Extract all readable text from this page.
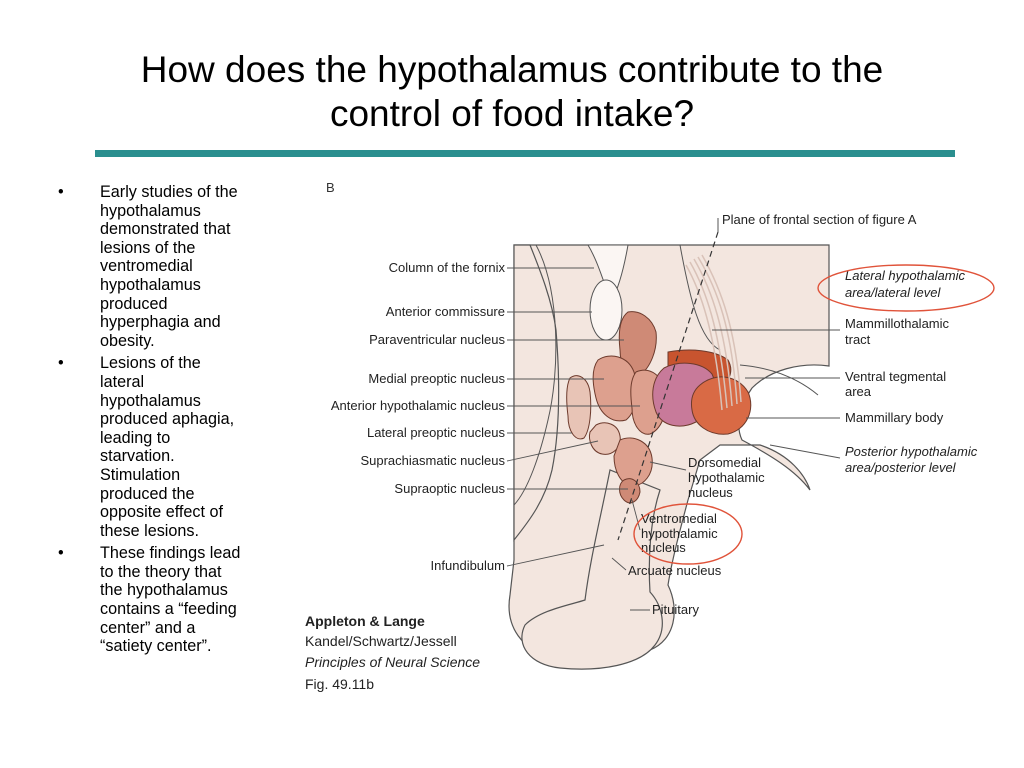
How does the hypothalamus contribute to the
control of food intake?
• Early studies of the
hypothalamus
demonstrated that
lesions of the
ventromedial
hypothalamus
produced
hyperphagia and
obesity.
• Lesions of the
lateral
hypothalamus
produced aphagia,
leading to
starvation.
Stimulation
produced the
opposite effect of
these lesions.
• These findings lead
to the theory that
the hypothalamus
contains a “feeding
center” and a
“satiety center”.
B
Plane of frontal section of figure A
Column of the fornix
Anterior commissure
Paraventricular nucleus
Medial preoptic nucleus
Anterior hypothalamic nucleus
Lateral preoptic nucleus
Suprachiasmatic nucleus
Supraoptic nucleus
Infundibulum
Lateral hypothalamic
area/lateral level
Mammillothalamic
tract
Ventral tegmental
area
Mammillary body
Posterior hypothalamic
area/posterior level
Dorsomedial
hypothalamic
nucleus
Ventromedial
hypothalamic
nucleus
Arcuate nucleus
Pituitary
Appleton & Lange
Kandel/Schwartz/Jessell
Principles of Neural Science
Fig. 49.11b
